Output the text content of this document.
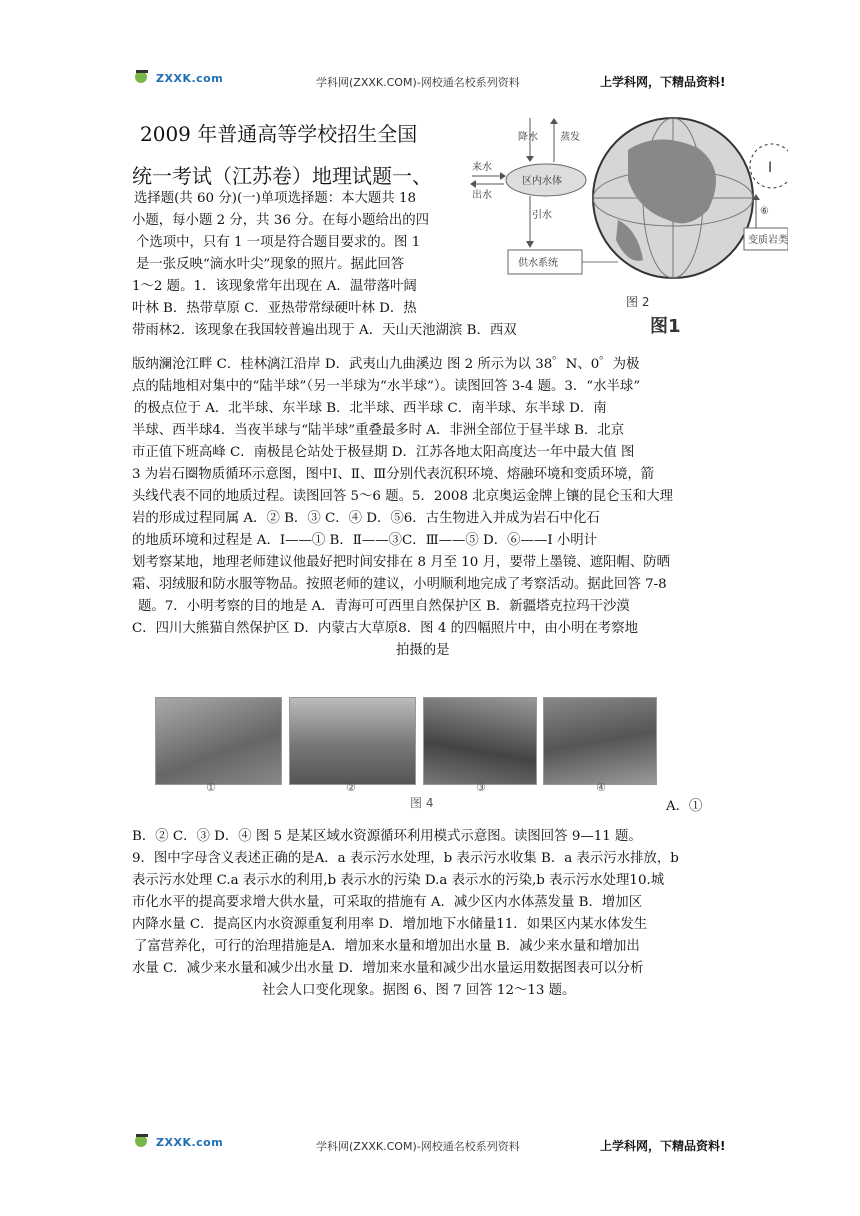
ZXXK.com	学科网(ZXXK.COM)-网校通名校系列资料	上学科网，下精品资料!
2009 年普通高等学校招生全国
统一考试（江苏卷）地理试题一、
降水 蒸发
来水
出水
区内水体
引水
供水系统
图 2
Ⅰ
⑥
变质岩类
图1
选择题(共 60 分)(一)单项选择题：本大题共 18
小题，每小题 2 分，共 36 分。在每小题给出的四
个选项中，只有 1 一项是符合题目要求的。图 1
是一张反映“滴水叶尖”现象的照片。据此回答
1～2 题。1．该现象常年出现在 A．温带落叶阔
叶林 B．热带草原 C．亚热带常绿硬叶林 D．热
带雨林2．该现象在我国较普遍出现于 A．天山天池湖滨 B．西双
版纳澜沧江畔 C．桂林漓江沿岸 D．武夷山九曲溪边 图 2 所示为以 38゜N、0゜为极
点的陆地相对集中的“陆半球”（另一半球为“水半球”）。读图回答 3-4 题。3．“水半球”
的极点位于 A．北半球、东半球 B．北半球、西半球 C．南半球、东半球 D．南
半球、西半球4．当夜半球与“陆半球”重叠最多时 A．非洲全部位于昼半球 B．北京
市正值下班高峰 C．南极昆仑站处于极昼期 D．江苏各地太阳高度达一年中最大值 图
3 为岩石圈物质循环示意图，图中Ⅰ、Ⅱ、Ⅲ分别代表沉积环境、熔融环境和变质环境，箭
头线代表不同的地质过程。读图回答 5～6 题。5．2008 北京奥运金牌上镶的昆仑玉和大理
岩的形成过程同属 A．② B．③ C．④ D．⑤6．古生物进入并成为岩石中化石
的地质环境和过程是 A．Ⅰ——① B．Ⅱ——③C．Ⅲ——⑤ D．⑥——Ⅰ 小明计
划考察某地，地理老师建议他最好把时间安排在 8 月至 10 月，要带上墨镜、遮阳帽、防晒
霜、羽绒服和防水服等物品。按照老师的建议，小明顺利地完成了考察活动。据此回答 7-8
题。7．小明考察的目的地是 A．青海可可西里自然保护区 B．新疆塔克拉玛干沙漠
C．四川大熊猫自然保护区 D．内蒙古大草原8．图 4 的四幅照片中，由小明在考察地
拍摄的是
①	②	③	④
图 4	A．①
B．② C．③ D．④ 图 5 是某区域水资源循环利用模式示意图。读图回答 9—11 题。
9．图中字母含义表述正确的是A．a 表示污水处理，b 表示污水收集 B．a 表示污水排放，b
表示污水处理 C.a 表示水的利用,b 表示水的污染 D.a 表示水的污染,b 表示污水处理10.城
市化水平的提高要求增大供水量，可采取的措施有 A．减少区内水体蒸发量 B．增加区
内降水量 C．提高区内水资源重复利用率 D．增加地下水储量11．如果区内某水体发生
了富营养化，可行的治理措施是A．增加来水量和增加出水量 B．减少来水量和增加出
水量 C．减少来水量和减少出水量 D．增加来水量和减少出水量运用数据图表可以分析
社会人口变化现象。据图 6、图 7 回答 12～13 题。
ZXXK.com	学科网(ZXXK.COM)-网校通名校系列资料	上学科网，下精品资料!
